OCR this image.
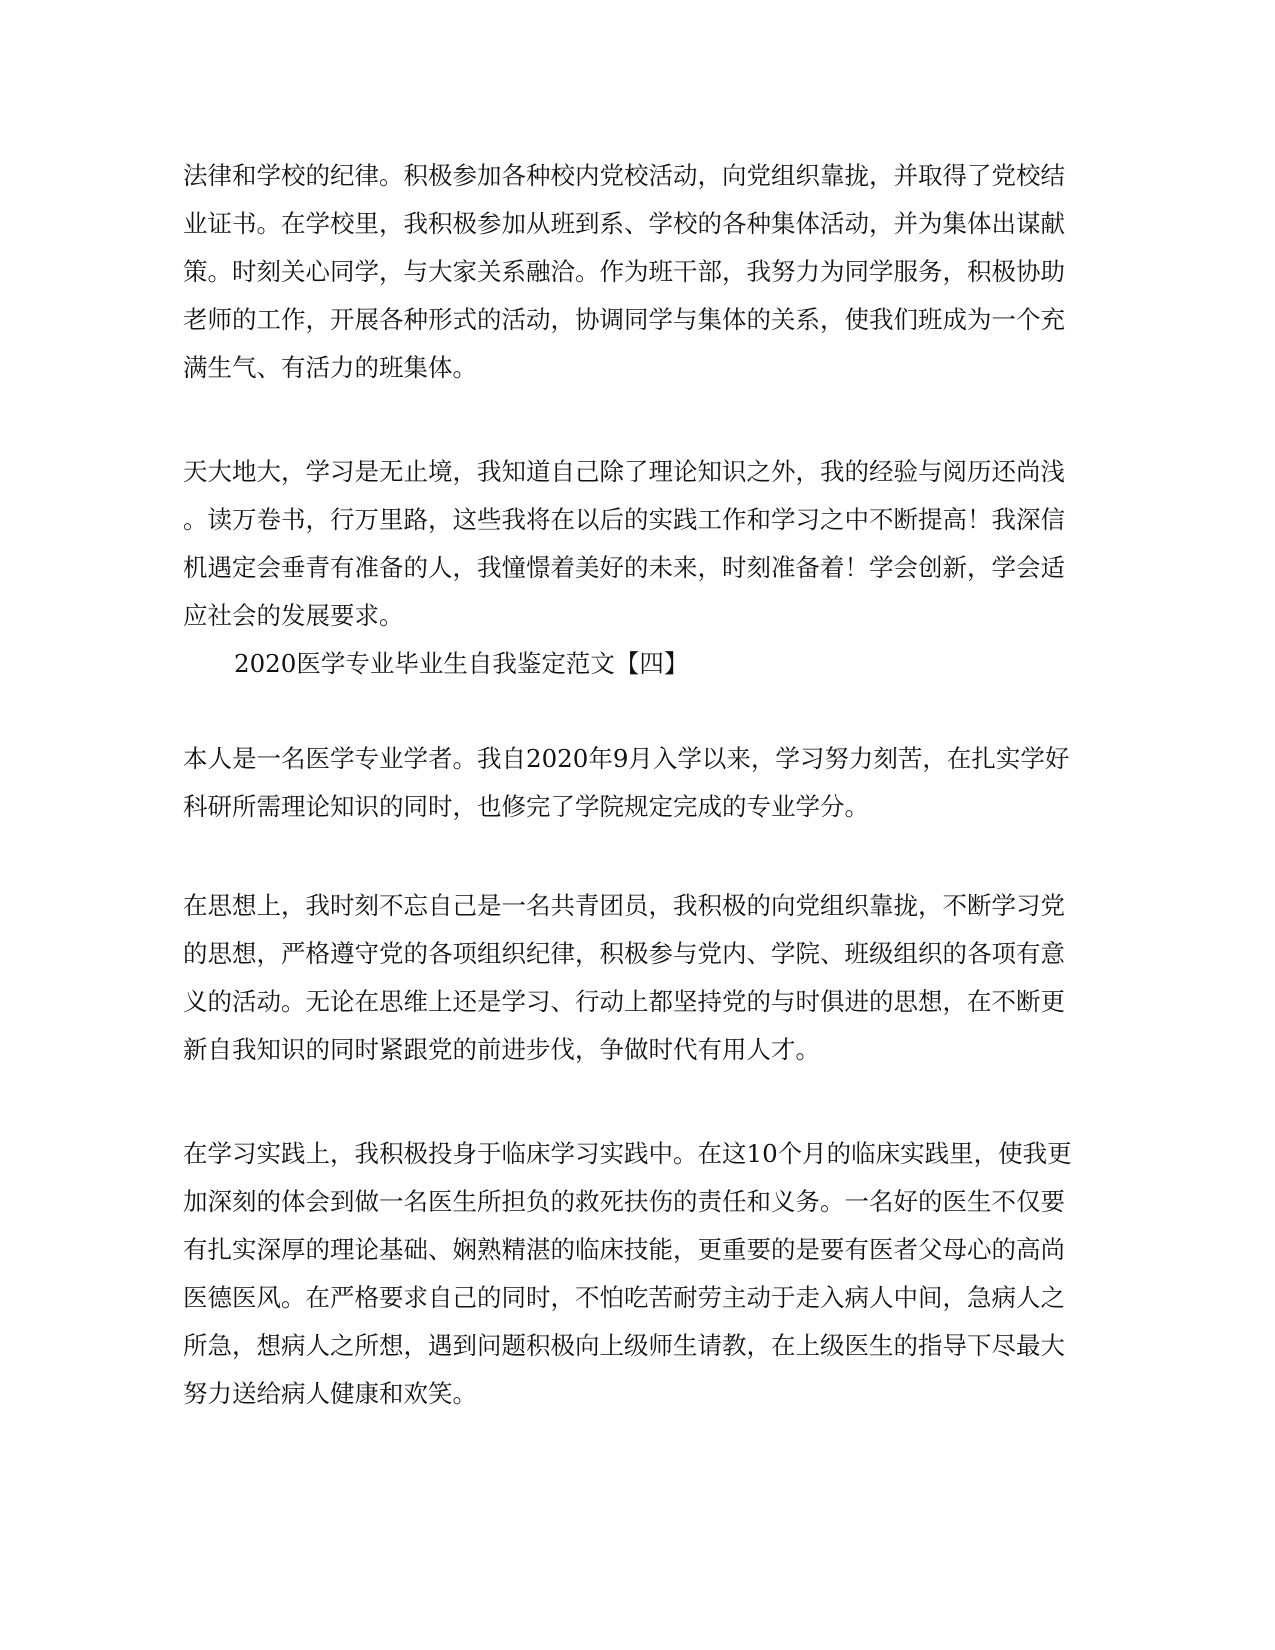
法律和学校的纪律。积极参加各种校内党校活动，向党组织靠拢，并取得了党校结
业证书。在学校里，我积极参加从班到系、学校的各种集体活动，并为集体出谋献
策。时刻关心同学，与大家关系融洽。作为班干部，我努力为同学服务，积极协助
老师的工作，开展各种形式的活动，协调同学与集体的关系，使我们班成为一个充
满生气、有活力的班集体。
天大地大，学习是无止境，我知道自己除了理论知识之外，我的经验与阅历还尚浅
。读万卷书，行万里路，这些我将在以后的实践工作和学习之中不断提高！我深信
机遇定会垂青有准备的人，我憧憬着美好的未来，时刻准备着！学会创新，学会适
应社会的发展要求。
2020医学专业毕业生自我鉴定范文【四】
本人是一名医学专业学者。我自2020年9月入学以来，学习努力刻苦，在扎实学好
科研所需理论知识的同时，也修完了学院规定完成的专业学分。
在思想上，我时刻不忘自己是一名共青团员，我积极的向党组织靠拢，不断学习党
的思想，严格遵守党的各项组织纪律，积极参与党内、学院、班级组织的各项有意
义的活动。无论在思维上还是学习、行动上都坚持党的与时俱进的思想，在不断更
新自我知识的同时紧跟党的前进步伐，争做时代有用人才。
在学习实践上，我积极投身于临床学习实践中。在这10个月的临床实践里，使我更
加深刻的体会到做一名医生所担负的救死扶伤的责任和义务。一名好的医生不仅要
有扎实深厚的理论基础、娴熟精湛的临床技能，更重要的是要有医者父母心的高尚
医德医风。在严格要求自己的同时，不怕吃苦耐劳主动于走入病人中间，急病人之
所急，想病人之所想，遇到问题积极向上级师生请教，在上级医生的指导下尽最大
努力送给病人健康和欢笑。
